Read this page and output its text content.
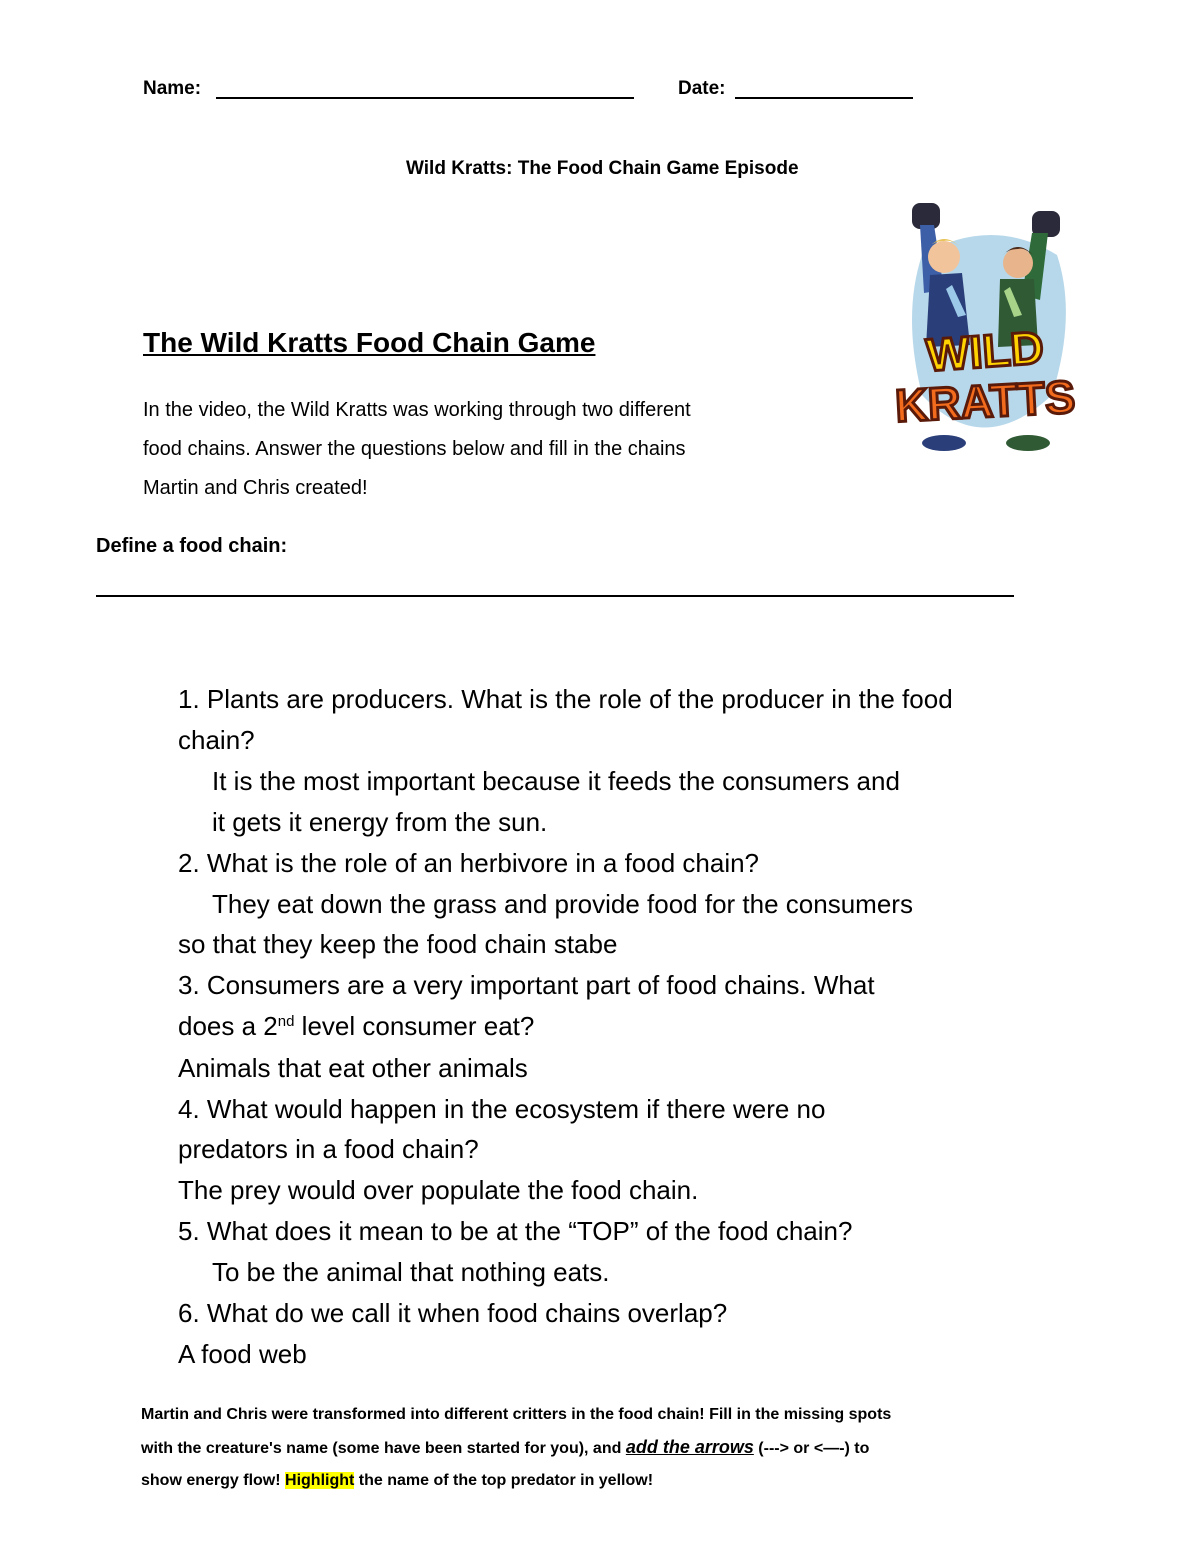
Name:	Date:
Wild Kratts: The Food Chain Game Episode
WILD
KRATTS
The Wild Kratts Food Chain Game
In the video, the Wild Kratts was working through two different
food chains. Answer the questions below and fill in the chains
Martin and Chris created!
Define a food chain:
1. Plants are producers. What is the role of the producer in the food
chain?
It is the most important because it feeds the consumers and
it gets it energy from the sun.
2. What is the role of an herbivore in a food chain?
They eat down the grass and provide food for the consumers
so that they keep the food chain stabe
3. Consumers are a very important part of food chains. What
does a 2nd level consumer eat?
Animals that eat other animals
4. What would happen in the ecosystem if there were no
predators in a food chain?
The prey would over populate the food chain.
5. What does it mean to be at the “TOP” of the food chain?
To be the animal that nothing eats.
6. What do we call it when food chains overlap?
A food web
Martin and Chris were transformed into different critters in the food chain! Fill in the missing spots
with the creature's name (some have been started for you), and add the arrows (---> or <—-) to
show energy flow! Highlight the name of the top predator in yellow!
